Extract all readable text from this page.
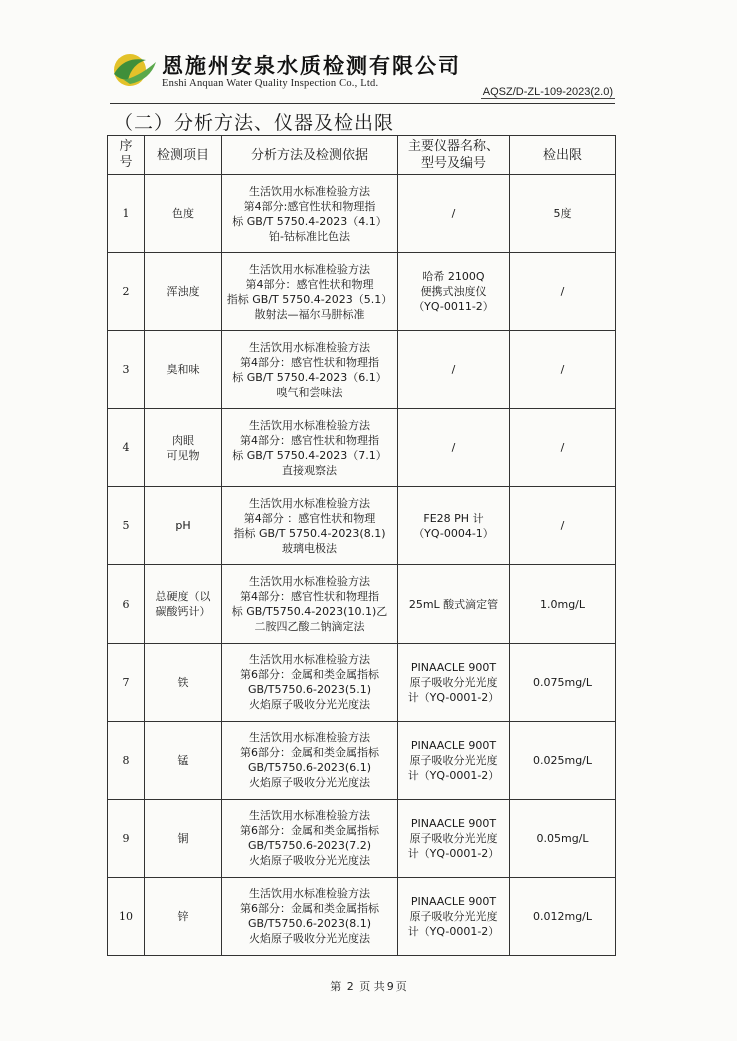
恩施州安泉水质检测有限公司
Enshi Anquan Water Quality Inspection Co., Ltd.
AQSZ/D-ZL-109-2023(2.0)
（二）分析方法、仪器及检出限
序号	检测项目	分析方法及检测依据	主要仪器名称、型号及编号	检出限
1	色度	生活饮用水标准检验方法
第4部分:感官性状和物理指
标 GB/T 5750.4-2023（4.1）
铂-钴标准比色法	/	5度
2	浑浊度	生活饮用水标准检验方法
第4部分：感官性状和物理
指标 GB/T 5750.4-2023（5.1）
散射法—福尔马肼标准	哈希 2100Q
便携式浊度仪
（YQ-0011-2）	/
3	臭和味	生活饮用水标准检验方法
第4部分：感官性状和物理指
标 GB/T 5750.4-2023（6.1）
嗅气和尝味法	/	/
4	肉眼
可见物	生活饮用水标准检验方法
第4部分：感官性状和物理指
标 GB/T 5750.4-2023（7.1）
直接观察法	/	/
5	pH	生活饮用水标准检验方法
第4部分 ：感官性状和物理
指标 GB/T 5750.4-2023(8.1)
玻璃电极法	FE28 PH 计
（YQ-0004-1）	/
6	总硬度（以
碳酸钙计）	生活饮用水标准检验方法
第4部分：感官性状和物理指
标 GB/T5750.4-2023(10.1)乙
二胺四乙酸二钠滴定法	25mL 酸式滴定管	1.0mg/L
7	铁	生活饮用水标准检验方法
第6部分：金属和类金属指标
GB/T5750.6-2023(5.1)
火焰原子吸收分光光度法	PINAACLE 900T
原子吸收分光光度
计（YQ-0001-2）	0.075mg/L
8	锰	生活饮用水标准检验方法
第6部分：金属和类金属指标
GB/T5750.6-2023(6.1)
火焰原子吸收分光光度法	PINAACLE 900T
原子吸收分光光度
计（YQ-0001-2）	0.025mg/L
9	铜	生活饮用水标准检验方法
第6部分：金属和类金属指标
GB/T5750.6-2023(7.2)
火焰原子吸收分光光度法	PINAACLE 900T
原子吸收分光光度
计（YQ-0001-2）	0.05mg/L
10	锌	生活饮用水标准检验方法
第6部分：金属和类金属指标
GB/T5750.6-2023(8.1)
火焰原子吸收分光光度法	PINAACLE 900T
原子吸收分光光度
计（YQ-0001-2）	0.012mg/L
第 2 页 共 9 页
